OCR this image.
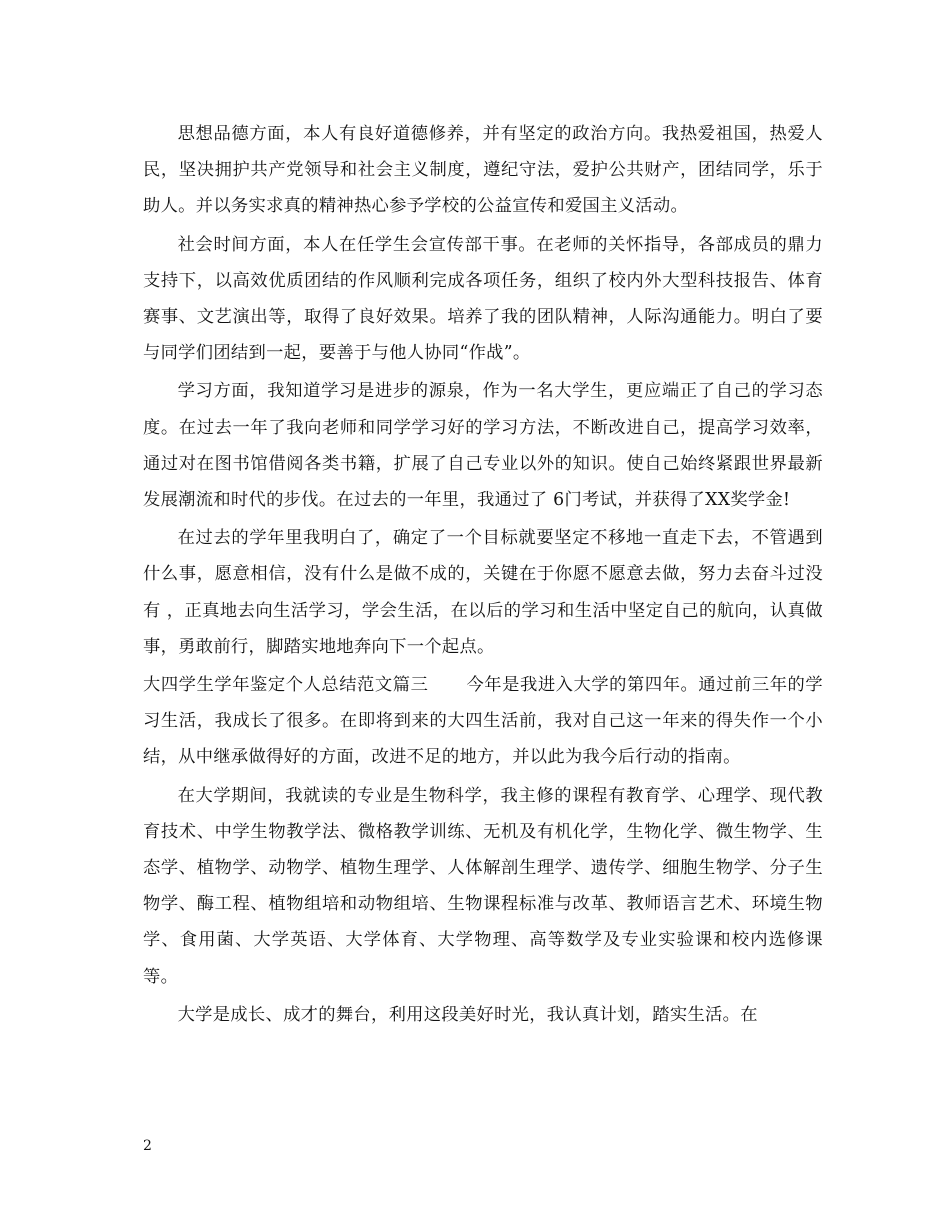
思想品德方面，本人有良好道德修养，并有坚定的政治方向。我热爱祖国，热爱人民，坚决拥护共产党领导和社会主义制度，遵纪守法，爱护公共财产，团结同学，乐于助人。并以务实求真的精神热心参予学校的公益宣传和爱国主义活动。

社会时间方面，本人在任学生会宣传部干事。在老师的关怀指导，各部成员的鼎力支持下，以高效优质团结的作风顺利完成各项任务，组织了校内外大型科技报告、体育赛事、文艺演出等，取得了良好效果。培养了我的团队精神，人际沟通能力。明白了要与同学们团结到一起，要善于与他人协同“作战”。

学习方面，我知道学习是进步的源泉，作为一名大学生，更应端正了自己的学习态度。在过去一年了我向老师和同学学习好的学习方法，不断改进自己，提高学习效率，通过对在图书馆借阅各类书籍，扩展了自己专业以外的知识。使自己始终紧跟世界最新发展潮流和时代的步伐。在过去的一年里，我通过了 6门考试，并获得了XX奖学金!

在过去的学年里我明白了，确定了一个目标就要坚定不移地一直走下去，不管遇到什么事，愿意相信，没有什么是做不成的，关键在于你愿不愿意去做，努力去奋斗过没有 ，正真地去向生活学习，学会生活，在以后的学习和生活中坚定自己的航向，认真做事，勇敢前行，脚踏实地地奔向下一个起点。

大四学生学年鉴定个人总结范文篇三 今年是我进入大学的第四年。通过前三年的学习生活，我成长了很多。在即将到来的大四生活前，我对自己这一年来的得失作一个小结，从中继承做得好的方面，改进不足的地方，并以此为我今后行动的指南。

在大学期间，我就读的专业是生物科学，我主修的课程有教育学、心理学、现代教育技术、中学生物教学法、微格教学训练、无机及有机化学，生物化学、微生物学、生态学、植物学、动物学、植物生理学、人体解剖生理学、遗传学、细胞生物学、分子生物学、酶工程、植物组培和动物组培、生物课程标准与改革、教师语言艺术、环境生物学、食用菌、大学英语、大学体育、大学物理、高等数学及专业实验课和校内选修课等。

大学是成长、成才的舞台，利用这段美好时光，我认真计划，踏实生活。在

2
